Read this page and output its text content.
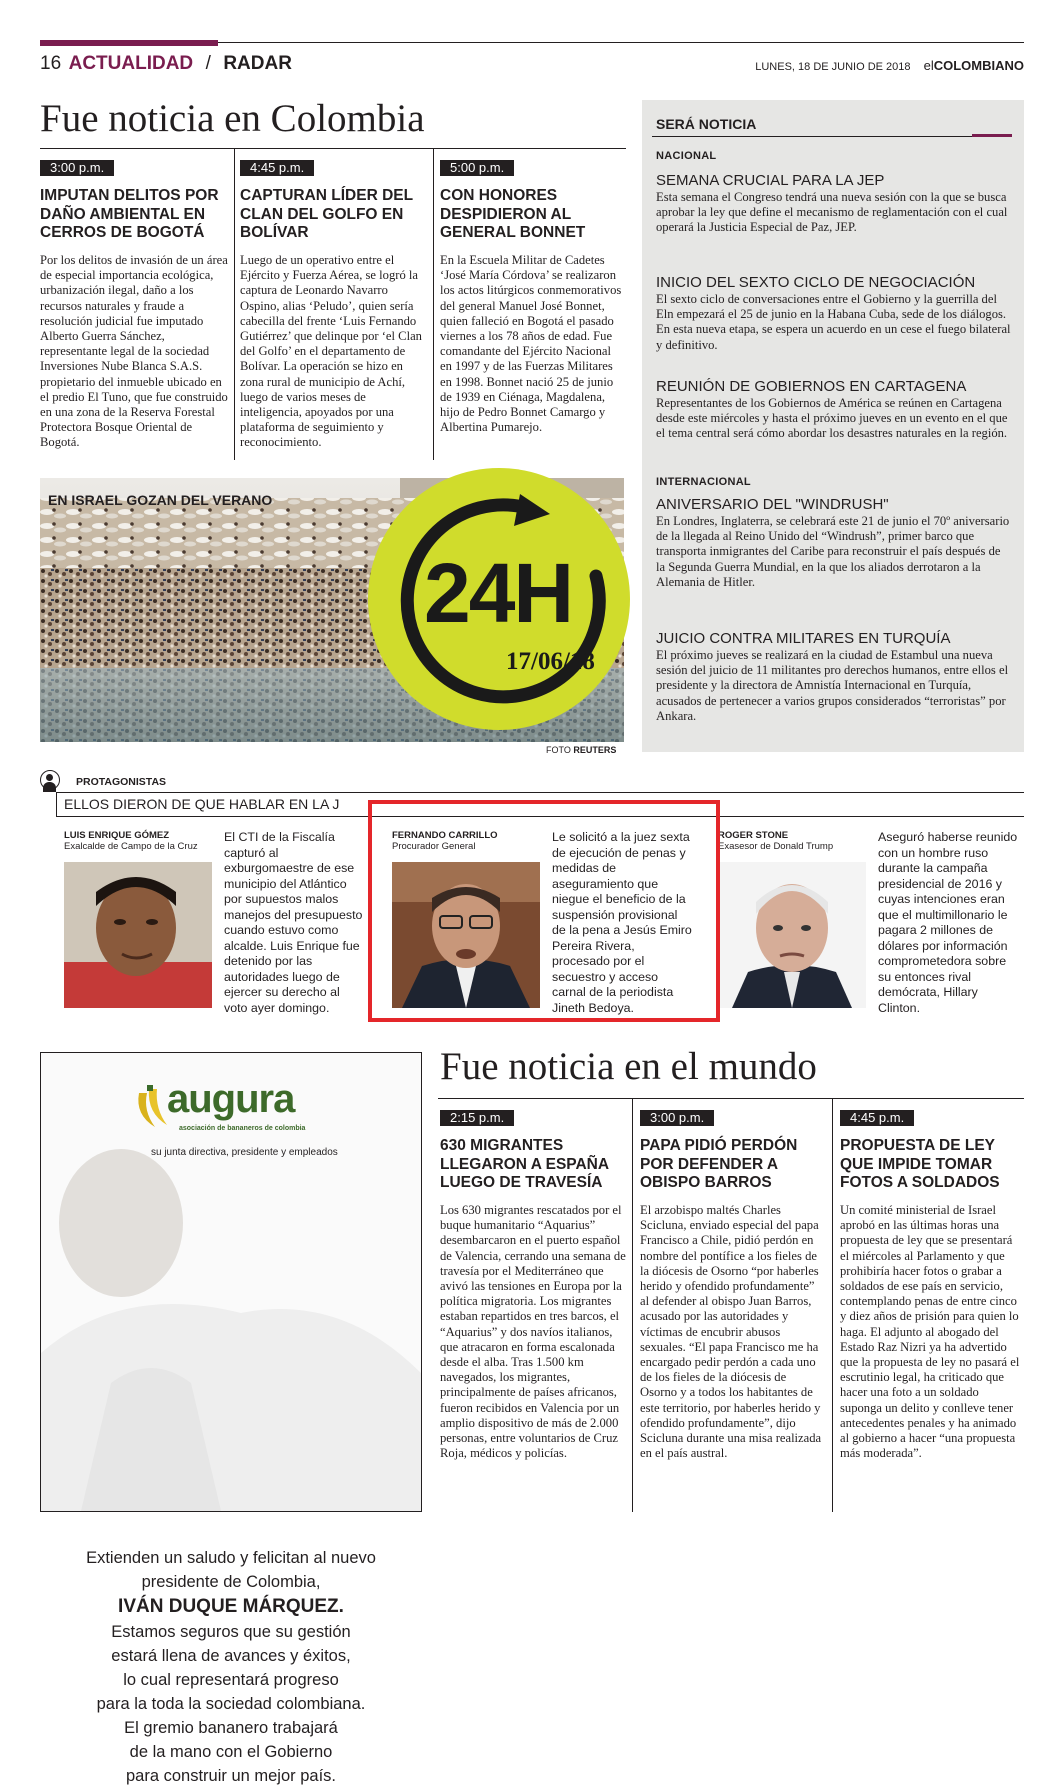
16 ACTUALIDAD / RADAR	LUNES, 18 DE JUNIO DE 2018 elCOLOMBIANO
Fue noticia en Colombia
3:00 p.m.
IMPUTAN DELITOS POR DAÑO AMBIENTAL EN CERROS DE BOGOTÁ

Por los delitos de invasión de un área de especial importancia ecológica, urbanización ilegal, daño a los recursos naturales y fraude a resolución judicial fue imputado Alberto Guerra Sánchez, representante legal de la sociedad Inversiones Nube Blanca S.A.S. propietario del inmueble ubicado en el predio El Tuno, que fue construido en una zona de la Reserva Forestal Protectora Bosque Oriental de Bogotá.

4:45 p.m.
CAPTURAN LÍDER DEL CLAN DEL GOLFO EN BOLÍVAR

Luego de un operativo entre el Ejército y Fuerza Aérea, se logró la captura de Leonardo Navarro Ospino, alias ‘Peludo’, quien sería cabecilla del frente ‘Luis Fernando Gutiérrez’ que delinque por ‘el Clan del Golfo’ en el departamento de Bolívar. La operación se hizo en zona rural de municipio de Achí, luego de varios meses de inteligencia, apoyados por una plataforma de seguimiento y reconocimiento.

5:00 p.m.
CON HONORES DESPIDIERON AL GENERAL BONNET

En la Escuela Militar de Cadetes ‘José María Córdova’ se realizaron los actos litúrgicos conmemorativos del general Manuel José Bonnet, quien falleció en Bogotá el pasado viernes a los 78 años de edad. Fue comandante del Ejército Nacional en 1997 y de las Fuerzas Militares en 1998. Bonnet nació 25 de junio de 1939 en Ciénaga, Magdalena, hijo de Pedro Bonnet Camargo y Albertina Pumarejo.

EN ISRAEL GOZAN DEL VERANO
24H
17/06/18
FOTO REUTERS
SERÁ NOTICIA
NACIONAL
SEMANA CRUCIAL PARA LA JEP

Esta semana el Congreso tendrá una nueva sesión con la que se busca aprobar la ley que define el mecanismo de reglamentación con el cual operará la Justicia Especial de Paz, JEP.

INICIO DEL SEXTO CICLO DE NEGOCIACIÓN

El sexto ciclo de conversaciones entre el Gobierno y la guerrilla del Eln empezará el 25 de junio en la Habana Cuba, sede de los diálogos. En esta nueva etapa, se espera un acuerdo en un cese el fuego bilateral y definitivo.

REUNIÓN DE GOBIERNOS EN CARTAGENA

Representantes de los Gobiernos de América se reúnen en Cartagena desde este miércoles y hasta el próximo jueves en un evento en el que el tema central será cómo abordar los desastres naturales en la región.

INTERNACIONAL
ANIVERSARIO DEL "WINDRUSH"

En Londres, Inglaterra, se celebrará este 21 de junio el 70º aniversario de la llegada al Reino Unido del “Windrush”, primer barco que transporta inmigrantes del Caribe para reconstruir el país después de la Segunda Guerra Mundial, en la que los aliados derrotaron a la Alemania de Hitler.

JUICIO CONTRA MILITARES EN TURQUÍA

El próximo jueves se realizará en la ciudad de Estambul una nueva sesión del juicio de 11 militantes pro derechos humanos, entre ellos el presidente y la directora de Amnistía Internacional en Turquía, acusados de pertenecer a varios grupos considerados “terroristas” por Ankara.

PROTAGONISTAS
ELLOS DIERON DE QUE HABLAR EN LA J
LUIS ENRIQUE GÓMEZ
Exalcalde de Campo de la Cruz

El CTI de la Fiscalía capturó al exburgomaestre de ese municipio del Atlántico por supuestos malos manejos del presupuesto cuando estuvo como alcalde. Luis Enrique fue detenido por las autoridades luego de ejercer su derecho al voto ayer domingo.

FERNANDO CARRILLO
Procurador General

Le solicitó a la juez sexta de ejecución de penas y medidas de aseguramiento que niegue el beneficio de la suspensión provisional de la pena a Jesús Emiro Pereira Rivera, procesado por el secuestro y acceso carnal de la periodista Jineth Bedoya.

ROGER STONE
Exasesor de Donald Trump

Aseguró haberse reunido con un hombre ruso durante la campaña presidencial de 2016 y cuyas intenciones eran que el multimillonario le pagara 2 millones de dólares por información comprometedora sobre su entonces rival demócrata, Hillary Clinton.

augura
asociación de bananeros de colombia
su junta directiva, presidente y empleados
Extienden un saludo y felicitan al nuevo
presidente de Colombia,
IVÁN DUQUE MÁRQUEZ.
Estamos seguros que su gestión
estará llena de avances y éxitos,
lo cual representará progreso
para la toda la sociedad colombiana.
El gremio bananero trabajará
de la mano con el Gobierno
para construir un mejor país.
Fue noticia en el mundo
2:15 p.m.
630 MIGRANTES LLEGARON A ESPAÑA LUEGO DE TRAVESÍA

Los 630 migrantes rescatados por el buque humanitario “Aquarius” desembarcaron en el puerto español de Valencia, cerrando una semana de travesía por el Mediterráneo que avivó las tensiones en Europa por la política migratoria. Los migrantes estaban repartidos en tres barcos, el “Aquarius” y dos navíos italianos, que atracaron en forma escalonada desde el alba. Tras 1.500 km navegados, los migrantes, principalmente de países africanos, fueron recibidos en Valencia por un amplio dispositivo de más de 2.000 personas, entre voluntarios de Cruz Roja, médicos y policías.

3:00 p.m.
PAPA PIDIÓ PERDÓN POR DEFENDER A OBISPO BARROS

El arzobispo maltés Charles Scicluna, enviado especial del papa Francisco a Chile, pidió perdón en nombre del pontífice a los fieles de la diócesis de Osorno “por haberles herido y ofendido profundamente” al defender al obispo Juan Barros, acusado por las autoridades y víctimas de encubrir abusos sexuales. “El papa Francisco me ha encargado pedir perdón a cada uno de los fieles de la diócesis de Osorno y a todos los habitantes de este territorio, por haberles herido y ofendido profundamente”, dijo Scicluna durante una misa realizada en el país austral.

4:45 p.m.
PROPUESTA DE LEY QUE IMPIDE TOMAR FOTOS A SOLDADOS

Un comité ministerial de Israel aprobó en las últimas horas una propuesta de ley que se presentará el miércoles al Parlamento y que prohibiría hacer fotos o grabar a soldados de ese país en servicio, contemplando penas de entre cinco y diez años de prisión para quien lo haga. El adjunto al abogado del Estado Raz Nizri ya ha advertido que la propuesta de ley no pasará el escrutinio legal, ha criticado que hacer una foto a un soldado suponga un delito y conlleve tener antecedentes penales y ha animado al gobierno a hacer “una propuesta más moderada”.
